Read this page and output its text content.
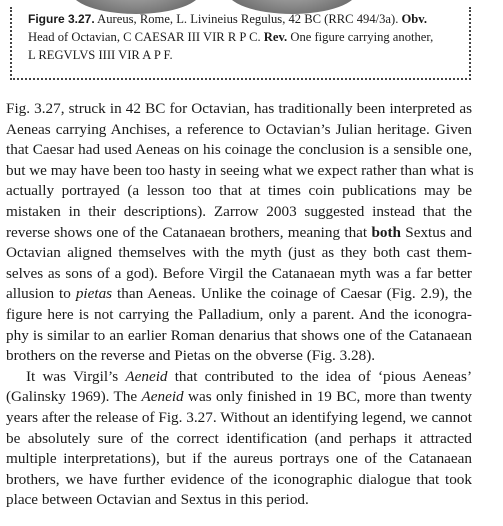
Figure 3.27. Aureus, Rome, L. Livineius Regulus, 42 BC (RRC 494/3a). Obv.
Head of Octavian, C CAESAR III VIR R P C. Rev. One figure carrying another,
L REGVLVS IIII VIR A P F.
Fig. 3.27, struck in 42 BC for Octavian, has traditionally been interpreted as
Aeneas carrying Anchises, a reference to Octavian’s Julian heritage. Given
that Caesar had used Aeneas on his coinage the conclusion is a sensible one,
but we may have been too hasty in seeing what we expect rather than what is
actually portrayed (a lesson too that at times coin publications may be
mistaken in their descriptions). Zarrow 2003 suggested instead that the
reverse shows one of the Catanaean brothers, meaning that both Sextus and
Octavian aligned themselves with the myth (just as they both cast them-
selves as sons of a god). Before Virgil the Catanaean myth was a far better
allusion to pietas than Aeneas. Unlike the coinage of Caesar (Fig. 2.9), the
figure here is not carrying the Palladium, only a parent. And the iconogra-
phy is similar to an earlier Roman denarius that shows one of the Catanaean
brothers on the reverse and Pietas on the obverse (Fig. 3.28).
It was Virgil’s Aeneid that contributed to the idea of ‘pious Aeneas’
(Galinsky 1969). The Aeneid was only finished in 19 BC, more than twenty
years after the release of Fig. 3.27. Without an identifying legend, we cannot
be absolutely sure of the correct identification (and perhaps it attracted
multiple interpretations), but if the aureus portrays one of the Catanaean
brothers, we have further evidence of the iconographic dialogue that took
place between Octavian and Sextus in this period.
